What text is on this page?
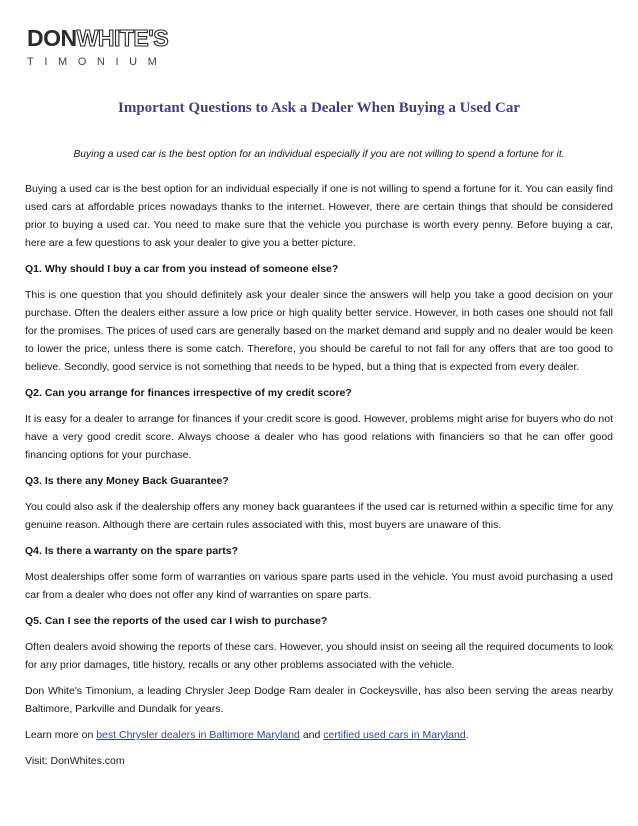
DONWHITE'S
TIMONIUM
Important Questions to Ask a Dealer When Buying a Used Car
Buying a used car is the best option for an individual especially if you are not willing to spend a fortune for it.

Buying a used car is the best option for an individual especially if one is not willing to spend a fortune for it. You can easily find used cars at affordable prices nowadays thanks to the internet. However, there are certain things that should be considered prior to buying a used car. You need to make sure that the vehicle you purchase is worth every penny. Before buying a car, here are a few questions to ask your dealer to give you a better picture.

Q1. Why should I buy a car from you instead of someone else?

This is one question that you should definitely ask your dealer since the answers will help you take a good decision on your purchase. Often the dealers either assure a low price or high quality better service. However, in both cases one should not fall for the promises. The prices of used cars are generally based on the market demand and supply and no dealer would be keen to lower the price, unless there is some catch. Therefore, you should be careful to not fall for any offers that are too good to believe. Secondly, good service is not something that needs to be hyped, but a thing that is expected from every dealer.

Q2. Can you arrange for finances irrespective of my credit score?

It is easy for a dealer to arrange for finances if your credit score is good. However, problems might arise for buyers who do not have a very good credit score. Always choose a dealer who has good relations with financiers so that he can offer good financing options for your purchase.

Q3. Is there any Money Back Guarantee?

You could also ask if the dealership offers any money back guarantees if the used car is returned within a specific time for any genuine reason. Although there are certain rules associated with this, most buyers are unaware of this.

Q4. Is there a warranty on the spare parts?

Most dealerships offer some form of warranties on various spare parts used in the vehicle. You must avoid purchasing a used car from a dealer who does not offer any kind of warranties on spare parts.

Q5. Can I see the reports of the used car I wish to purchase?

Often dealers avoid showing the reports of these cars. However, you should insist on seeing all the required documents to look for any prior damages, title history, recalls or any other problems associated with the vehicle.

Don White's Timonium, a leading Chrysler Jeep Dodge Ram dealer in Cockeysville, has also been serving the areas nearby Baltimore, Parkville and Dundalk for years.

Learn more on best Chrysler dealers in Baltimore Maryland and certified used cars in Maryland.

Visit: DonWhites.com
